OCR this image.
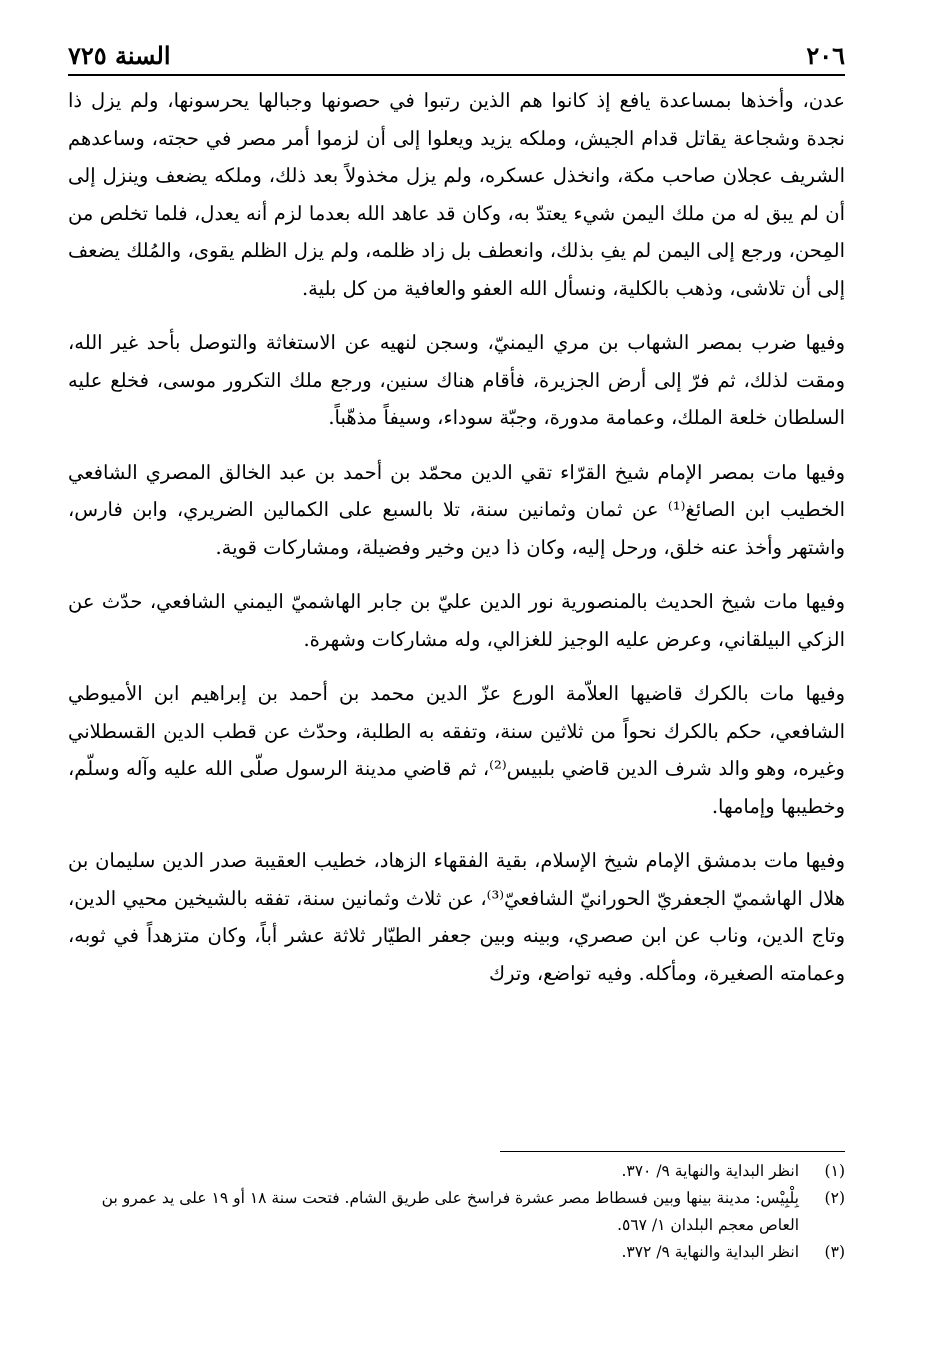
٢٠٦
السنة ٧٢٥

عدن، وأخذها بمساعدة يافع إذ كانوا هم الذين رتبوا في حصونها وجبالها يحرسونها، ولم يزل ذا نجدة وشجاعة يقاتل قدام الجيش، وملكه يزيد ويعلوا إلى أن لزموا أمر مصر في حجته، وساعدهم الشريف عجلان صاحب مكة، وانخذل عسكره، ولم يزل مخذولاً بعد ذلك، وملكه يضعف وينزل إلى أن لم يبق له من ملك اليمن شيء يعتدّ به، وكان قد عاهد الله بعدما لزم أنه يعدل، فلما تخلص من المِحن، ورجع إلى اليمن لم يفِ بذلك، وانعطف بل زاد ظلمه، ولم يزل الظلم يقوى، والمُلك يضعف إلى أن تلاشى، وذهب بالكلية، ونسأل الله العفو والعافية من كل بلية.

وفيها ضرب بمصر الشهاب بن مري اليمنيّ، وسجن لنهيه عن الاستغاثة والتوصل بأحد غير الله، ومقت لذلك، ثم فرّ إلى أرض الجزيرة، فأقام هناك سنين، ورجع ملك التكرور موسى، فخلع عليه السلطان خلعة الملك، وعمامة مدورة، وجبّة سوداء، وسيفاً مذهّباً.

وفيها مات بمصر الإمام شيخ القرّاء تقي الدين محمّد بن أحمد بن عبد الخالق المصري الشافعي الخطيب ابن الصائغ⁽¹⁾ عن ثمان وثمانين سنة، تلا بالسبع على الكمالين الضريري، وابن فارس، واشتهر وأخذ عنه خلق، ورحل إليه، وكان ذا دين وخير وفضيلة، ومشاركات قوية.

وفيها مات شيخ الحديث بالمنصورية نور الدين عليّ بن جابر الهاشميّ اليمني الشافعي، حدّث عن الزكي البيلقاني، وعرض عليه الوجيز للغزالي، وله مشاركات وشهرة.

وفيها مات بالكرك قاضيها العلاّمة الورع عزّ الدين محمد بن أحمد بن إبراهيم ابن الأميوطي الشافعي، حكم بالكرك نحواً من ثلاثين سنة، وتفقه به الطلبة، وحدّث عن قطب الدين القسطلاني وغيره، وهو والد شرف الدين قاضي بلبيس⁽²⁾، ثم قاضي مدينة الرسول صلّى الله عليه وآله وسلّم، وخطيبها وإمامها.

وفيها مات بدمشق الإمام شيخ الإسلام، بقية الفقهاء الزهاد، خطيب العقيبة صدر الدين سليمان بن هلال الهاشميّ الجعفريّ الحورانيّ الشافعيّ⁽³⁾، عن ثلاث وثمانين سنة، تفقه بالشيخين محيي الدين، وتاج الدين، وناب عن ابن صصري، وبينه وبين جعفر الطيّار ثلاثة عشر أباً، وكان متزهداً في ثوبه، وعمامته الصغيرة، ومأكله. وفيه تواضع، وترك

(١)
انظر البداية والنهاية ٩/ ٣٧٠.
(٢)
بِلْبِيْس: مدينة بينها وبين فسطاط مصر عشرة فراسخ على طريق الشام. فتحت سنة ١٨ أو ١٩ على يد عمرو بن العاص معجم البلدان ١/ ٥٦٧.
(٣)
انظر البداية والنهاية ٩/ ٣٧٢.
